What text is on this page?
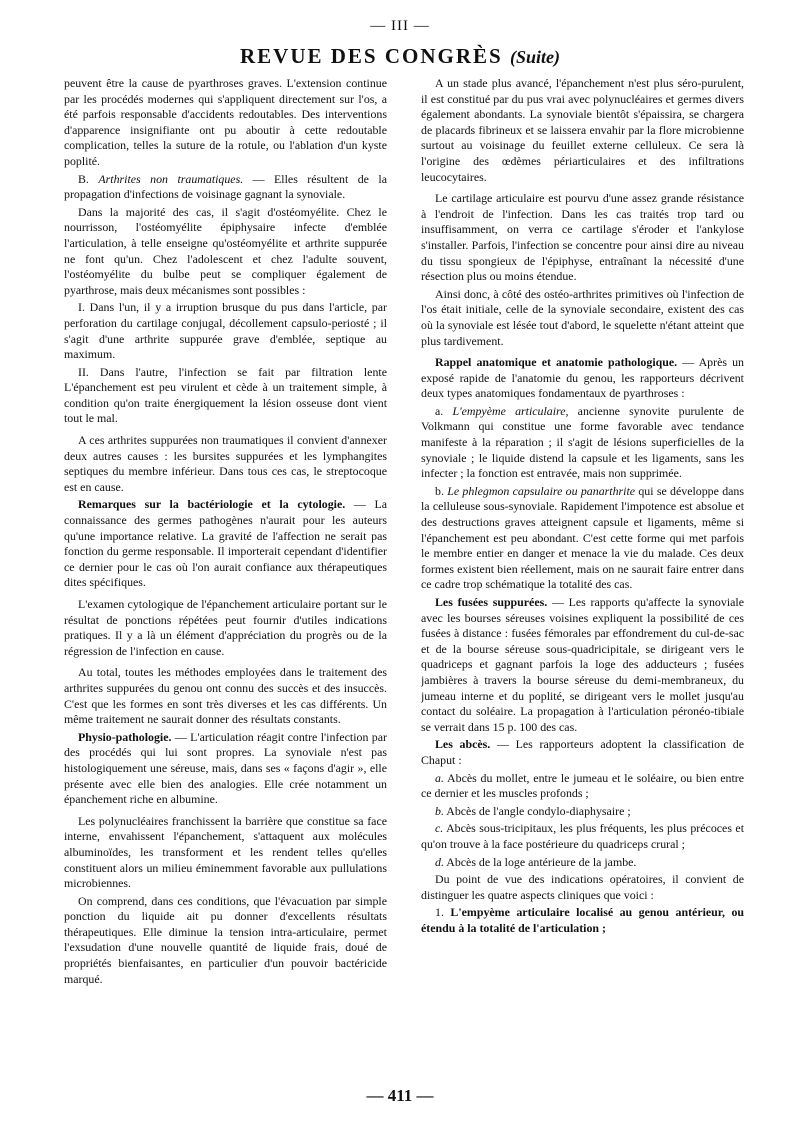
— III —
REVUE DES CONGRÈS (Suite)

peuvent être la cause de pyarthroses graves. L'extension continue par les procédés modernes qui s'appliquent directement sur l'os, a été parfois responsable d'accidents redoutables. Des interventions d'apparence insignifiante ont pu aboutir à cette redoutable complication, telles la suture de la rotule, ou l'ablation d'un kyste poplité.

B. Arthrites non traumatiques. — Elles résultent de la propagation d'infections de voisinage gagnant la synoviale.

Dans la majorité des cas, il s'agit d'ostéomyélite. Chez le nourrisson, l'ostéomyélite épiphysaire infecte d'emblée l'articulation, à telle enseigne qu'ostéomyélite et arthrite suppurée ne font qu'un. Chez l'adolescent et chez l'adulte souvent, l'ostéomyélite du bulbe peut se compliquer également de pyarthrose, mais deux mécanismes sont possibles :

I. Dans l'un, il y a irruption brusque du pus dans l'article, par perforation du cartilage conjugal, décollement capsulo-periosté ; il s'agit d'une arthrite suppurée grave d'emblée, septique au maximum.

II. Dans l'autre, l'infection se fait par filtration lente L'épanchement est peu virulent et cède à un traitement simple, à condition qu'on traite énergiquement la lésion osseuse dont vient tout le mal.

A ces arthrites suppurées non traumatiques il convient d'annexer deux autres causes : les bursites suppurées et les lymphangites septiques du membre inférieur. Dans tous ces cas, le streptocoque est en cause.

Remarques sur la bactériologie et la cytologie. — La connaissance des germes pathogènes n'aurait pour les auteurs qu'une importance relative. La gravité de l'affection ne serait pas fonction du germe responsable. Il importerait cependant d'identifier ce dernier pour le cas où l'on aurait confiance aux thérapeutiques dites spécifiques.

L'examen cytologique de l'épanchement articulaire portant sur le résultat de ponctions répétées peut fournir d'utiles indications pratiques. Il y a là un élément d'appréciation du progrès ou de la régression de l'infection en cause.

Au total, toutes les méthodes employées dans le traitement des arthrites suppurées du genou ont connu des succès et des insuccès. C'est que les formes en sont très diverses et les cas différents. Un même traitement ne saurait donner des résultats constants.

Physio-pathologie. — L'articulation réagit contre l'infection par des procédés qui lui sont propres. La synoviale n'est pas histologiquement une séreuse, mais, dans ses « façons d'agir », elle présente avec elle bien des analogies. Elle crée notamment un épanchement riche en albumine.

Les polynucléaires franchissent la barrière que constitue sa face interne, envahissent l'épanchement, s'attaquent aux molécules albuminoïdes, les transforment et les rendent telles qu'elles constituent alors un milieu éminemment favorable aux pullulations microbiennes.

On comprend, dans ces conditions, que l'évacuation par simple ponction du liquide ait pu donner d'excellents résultats thérapeutiques. Elle diminue la tension intra-articulaire, permet l'exsudation d'une nouvelle quantité de liquide frais, doué de propriétés bienfaisantes, en particulier d'un pouvoir bactéricide marqué.

A un stade plus avancé, l'épanchement n'est plus séro-purulent, il est constitué par du pus vrai avec polynucléaires et germes divers également abondants. La synoviale bientôt s'épaissira, se chargera de placards fibrineux et se laissera envahir par la flore microbienne surtout au voisinage du feuillet externe celluleux. Ce sera là l'origine des œdèmes périarticulaires et des infiltrations leucocytaires.

Le cartilage articulaire est pourvu d'une assez grande résistance à l'endroit de l'infection. Dans les cas traités trop tard ou insuffisamment, on verra ce cartilage s'éroder et l'ankylose s'installer. Parfois, l'infection se concentre pour ainsi dire au niveau du tissu spongieux de l'épiphyse, entraînant la nécessité d'une résection plus ou moins étendue.

Ainsi donc, à côté des ostéo-arthrites primitives où l'infection de l'os était initiale, celle de la synoviale secondaire, existent des cas où la synoviale est lésée tout d'abord, le squelette n'étant atteint que plus tardivement.

Rappel anatomique et anatomie pathologique. — Après un exposé rapide de l'anatomie du genou, les rapporteurs décrivent deux types anatomiques fondamentaux de pyarthroses :

a. L'empyème articulaire, ancienne synovite purulente de Volkmann qui constitue une forme favorable avec tendance manifeste à la réparation ; il s'agit de lésions superficielles de la synoviale ; le liquide distend la capsule et les ligaments, sans les infecter ; la fonction est entravée, mais non supprimée.

b. Le phlegmon capsulaire ou panarthrite qui se développe dans la celluleuse sous-synoviale. Rapidement l'impotence est absolue et des destructions graves atteignent capsule et ligaments, même si l'épanchement est peu abondant. C'est cette forme qui met parfois le membre entier en danger et menace la vie du malade. Ces deux formes existent bien réellement, mais on ne saurait faire entrer dans ce cadre trop schématique la totalité des cas.

Les fusées suppurées. — Les rapports qu'affecte la synoviale avec les bourses séreuses voisines expliquent la possibilité de ces fusées à distance : fusées fémorales par effondrement du cul-de-sac et de la bourse séreuse sous-quadricipitale, se dirigeant vers le quadriceps et gagnant parfois la loge des adducteurs ; fusées jambières à travers la bourse séreuse du demi-membraneux, du jumeau interne et du poplité, se dirigeant vers le mollet jusqu'au contact du soléaire. La propagation à l'articulation péronéo-tibiale se verrait dans 15 p. 100 des cas.

Les abcès. — Les rapporteurs adoptent la classification de Chaput :

a. Abcès du mollet, entre le jumeau et le soléaire, ou bien entre ce dernier et les muscles profonds ;

b. Abcès de l'angle condylo-diaphysaire ;

c. Abcès sous-tricipitaux, les plus fréquents, les plus précoces et qu'on trouve à la face postérieure du quadriceps crural ;

d. Abcès de la loge antérieure de la jambe.

Du point de vue des indications opératoires, il convient de distinguer les quatre aspects cliniques que voici :

1. L'empyème articulaire localisé au genou antérieur, ou étendu à la totalité de l'articulation ;

— 411 —
